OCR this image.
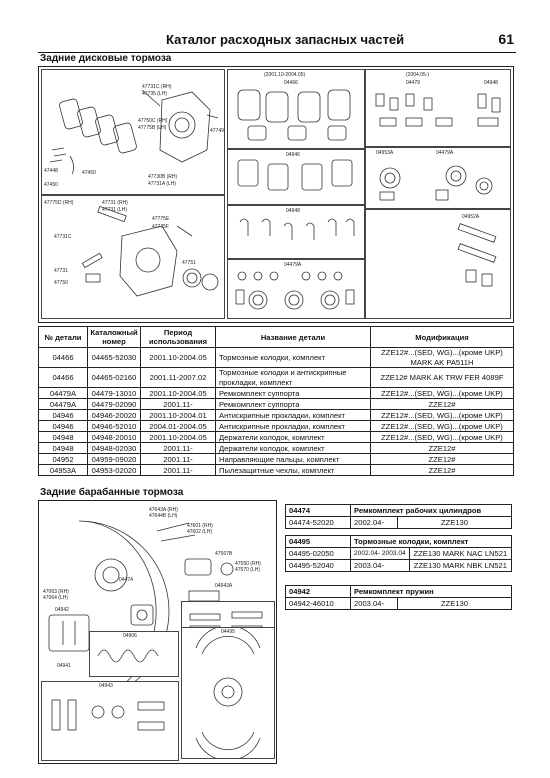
Каталог расходных запасных частей	61
Задние дисковые тормоза
47731C (RH)
47735 (LH)
47750C (RH)
47775B (LH)
47730B (RH)
47731A (LH)
47749
47448	47450
47450
47775D (RH)	47731 (RH)
47731 (LH)
47731C
47731
47750
47775E
47775F
47751
(2001.10-2004.05)
04466
04946
04948
04479A
(2004.05-)
04479	04948
04953A	04479A
04952A
№ детали	Каталожный номер	Период использования	Название детали	Модификация
04466	04465-52030	2001.10-2004.05	Тормозные колодки, комплект	ZZE12#...(SED, WG)...(кроме UKP) MARK AK PA511H
04466	04465-02160	2001.11-2007.02	Тормозные колодки и антискрипные прокладки, комплект	ZZE12# MARK AK TRW FER 4089F
04479A	04479-13010	2001.10-2004.05	Ремкомплект суппорта	ZZE12#...(SED, WG)...(кроме UKP)
04479A	04479-02090	2001.11-	Ремкомплект суппорта	ZZE12#
04946	04946-20020	2001.10-2004.01	Антискрипные прокладки, комплект	ZZE12#...(SED, WG)...(кроме UKP)
04946	04946-52010	2004.01-2004.05	Антискрипные прокладки, комплект	ZZE12#...(SED, WG)...(кроме UKP)
04948	04948-20010	2001.10-2004.05	Держатели колодок, комплект	ZZE12#...(SED, WG)...(кроме UKP)
04948	04948-02030	2001.11-	Держатели колодок, комплект	ZZE12#
04952	04959-09020	2001.11-	Направляющие пальцы, комплект	ZZE12#
04953A	04953-02020	2001.11-	Пылезащитные чехлы, комплект	ZZE12#
Задние барабанные тормоза
47643A (RH)
47644B (LH)
47601 (RH)
47602 (LH)
47567B
47550 (RH)
47570 (LH)
04474
04943A
47063 (RH)
47064 (LH)
04942
04906
04495
04943
04941
04474	Ремкомплект рабочих цилиндров	
04474-52020	2002.04-	ZZE130
04495	Тормозные колодки, комплект	
04495-02050	2002.04- 2003.04	ZZE130 MARK NAC LN521
04495-52040	2003.04-	ZZE130 MARK NBK LN521
04942	Ремкомплект пружин	
04942-46010	2003.04-	ZZE130
